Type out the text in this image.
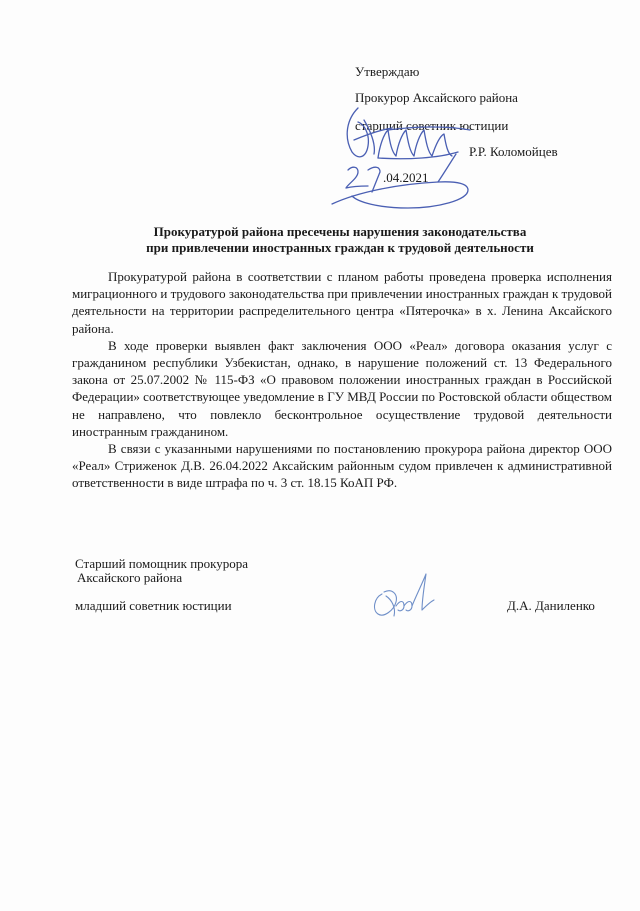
Утверждаю
Прокурор Аксайского района
старший советник юстиции
Р.Р. Коломойцев
.04.2021
Прокуратурой района пресечены нарушения законодательства
при привлечении иностранных граждан к трудовой деятельности

Прокуратурой района в соответствии с планом работы проведена проверка исполнения миграционного и трудового законодательства при привлечении иностранных граждан к трудовой деятельности на территории распределительного центра «Пятерочка» в х. Ленина Аксайского района.

В ходе проверки выявлен факт заключения ООО «Реал» договора оказания услуг с гражданином республики Узбекистан, однако, в нарушение положений ст. 13 Федерального закона от 25.07.2002 № 115-ФЗ «О правовом положении иностранных граждан в Российской Федерации» соответствующее уведомление в ГУ МВД России по Ростовской области обществом не направлено, что повлекло бесконтрольное осуществление трудовой деятельности иностранным гражданином.

В связи с указанными нарушениями по постановлению прокурора района директор ООО «Реал» Стриженок Д.В. 26.04.2022 Аксайским районным судом привлечен к административной ответственности в виде штрафа по ч. 3 ст. 18.15 КоАП РФ.

Старший помощник прокурора
Аксайского района
младший советник юстиции	Д.А. Даниленко
